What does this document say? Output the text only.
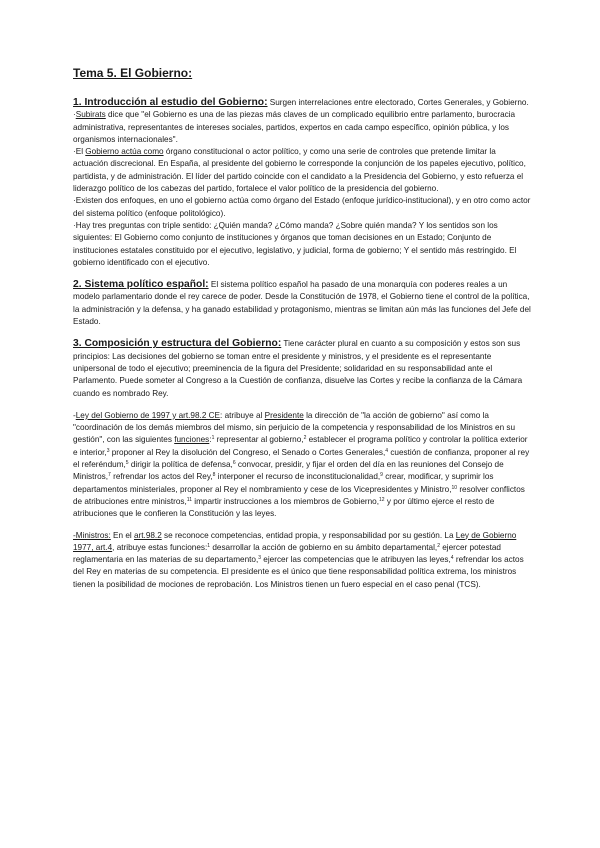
Tema 5. El Gobierno:

1. Introducción al estudio del Gobierno: Surgen interrelaciones entre electorado, Cortes Generales, y Gobierno.

·Subirats dice que "el Gobierno es una de las piezas más claves de un complicado equilibrio entre parlamento, burocracia administrativa, representantes de intereses sociales, partidos, expertos en cada campo específico, opinión pública, y los organismos internacionales".

·El Gobierno actúa como órgano constitucional o actor político, y como una serie de controles que pretende limitar la actuación discrecional. En España, al presidente del gobierno le corresponde la conjunción de los papeles ejecutivo, político, partidista, y de administración. El líder del partido coincide con el candidato a la Presidencia del Gobierno, y esto refuerza el liderazgo político de los cabezas del partido, fortalece el valor político de la presidencia del gobierno.

·Existen dos enfoques, en uno el gobierno actúa como órgano del Estado (enfoque jurídico-institucional), y en otro como actor del sistema político (enfoque politológico).

·Hay tres preguntas con triple sentido: ¿Quién manda? ¿Cómo manda? ¿Sobre quién manda? Y los sentidos son los siguientes: El Gobierno como conjunto de instituciones y órganos que toman decisiones en un Estado; Conjunto de instituciones estatales constituido por el ejecutivo, legislativo, y judicial, forma de gobierno; Y el sentido más restringido. El gobierno identificado con el ejecutivo.

2. Sistema político español: El sistema político español ha pasado de una monarquía con poderes reales a un modelo parlamentario donde el rey carece de poder. Desde la Constitución de 1978, el Gobierno tiene el control de la política, la administración y la defensa, y ha ganado estabilidad y protagonismo, mientras se limitan aún más las funciones del Jefe del Estado.

3. Composición y estructura del Gobierno: Tiene carácter plural en cuanto a su composición y estos son sus principios: Las decisiones del gobierno se toman entre el presidente y ministros, y el presidente es el representante unipersonal de todo el ejecutivo; preeminencia de la figura del Presidente; solidaridad en su responsabilidad ante el Parlamento. Puede someter al Congreso a la Cuestión de confianza, disuelve las Cortes y recibe la confianza de la Cámara cuando es nombrado Rey.

-Ley del Gobierno de 1997 y art.98.2 CE: atribuye al Presidente la dirección de "la acción de gobierno" así como la "coordinación de los demás miembros del mismo, sin perjuicio de la competencia y responsabilidad de los Ministros en su gestión", con las siguientes funciones:$^1$ representar al gobierno,$^2$ establecer el programa político y controlar la política exterior e interior,$^3$ proponer al Rey la disolución del Congreso, el Senado o Cortes Generales,$^4$ cuestión de confianza, proponer al rey el referéndum,$^5$ dirigir la política de defensa,$^6$ convocar, presidir, y fijar el orden del día en las reuniones del Consejo de Ministros,$^7$ refrendar los actos del Rey,$^8$ interponer el recurso de inconstitucionalidad,$^9$ crear, modificar, y suprimir los departamentos ministeriales, proponer al Rey el nombramiento y cese de los Vicepresidentes y Ministro,$^{10}$ resolver conflictos de atribuciones entre ministros,$^{11}$ impartir instrucciones a los miembros de Gobierno,$^{12}$ y por último ejerce el resto de atribuciones que le confieren la Constitución y las leyes.

-Ministros: En el art.98.2 se reconoce competencias, entidad propia, y responsabilidad por su gestión. La Ley de Gobierno 1977, art.4, atribuye estas funciones:$^1$ desarrollar la acción de gobierno en su ámbito departamental,$^2$ ejercer potestad reglamentaria en las materias de su departamento,$^3$ ejercer las competencias que le atribuyen las leyes,$^4$ refrendar los actos del Rey en materias de su competencia. El presidente es el único que tiene responsabilidad política extrema, los ministros tienen la posibilidad de mociones de reprobación. Los Ministros tienen un fuero especial en el caso penal (TCS).
